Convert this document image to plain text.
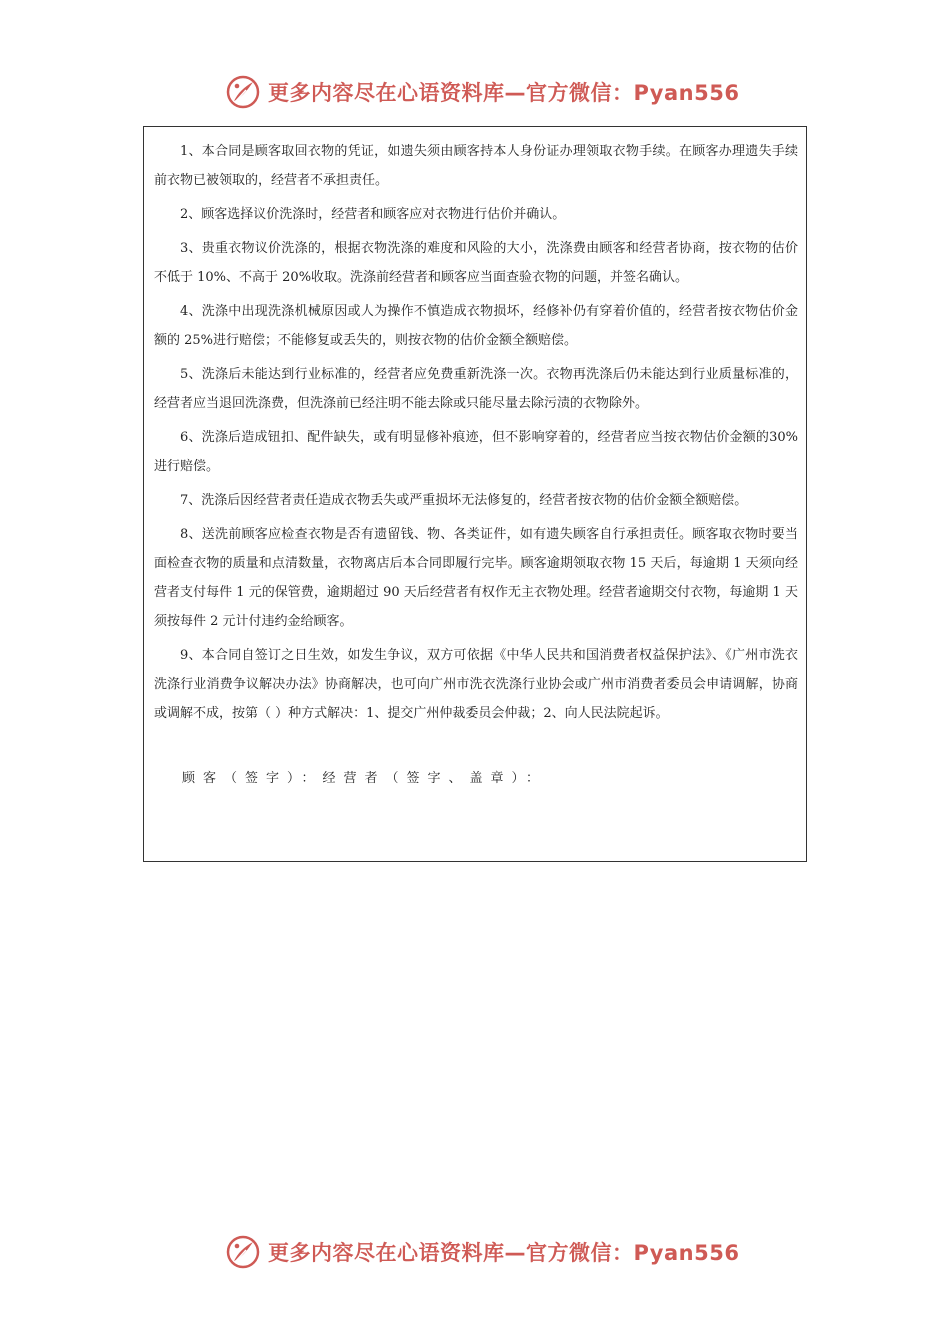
更多内容尽在心语资料库—官方微信：Pyan556

1、本合同是顾客取回衣物的凭证，如遗失须由顾客持本人身份证办理领取衣物手续。在顾客办理遗失手续前衣物已被领取的，经营者不承担责任。

2、顾客选择议价洗涤时，经营者和顾客应对衣物进行估价并确认。

3、贵重衣物议价洗涤的，根据衣物洗涤的难度和风险的大小，洗涤费由顾客和经营者协商，按衣物的估价不低于 10%、不高于 20%收取。洗涤前经营者和顾客应当面查验衣物的问题，并签名确认。

4、洗涤中出现洗涤机械原因或人为操作不慎造成衣物损坏，经修补仍有穿着价值的，经营者按衣物估价金额的 25%进行赔偿；不能修复或丢失的，则按衣物的估价金额全额赔偿。

5、洗涤后未能达到行业标准的，经营者应免费重新洗涤一次。衣物再洗涤后仍未能达到行业质量标准的，经营者应当退回洗涤费，但洗涤前已经注明不能去除或只能尽量去除污渍的衣物除外。

6、洗涤后造成钮扣、配件缺失，或有明显修补痕迹，但不影响穿着的，经营者应当按衣物估价金额的30%进行赔偿。

7、洗涤后因经营者责任造成衣物丢失或严重损坏无法修复的，经营者按衣物的估价金额全额赔偿。

8、送洗前顾客应检查衣物是否有遗留钱、物、各类证件，如有遗失顾客自行承担责任。顾客取衣物时要当面检查衣物的质量和点清数量，衣物离店后本合同即履行完毕。顾客逾期领取衣物 15 天后，每逾期 1 天须向经营者支付每件 1 元的保管费，逾期超过 90 天后经营者有权作无主衣物处理。经营者逾期交付衣物，每逾期 1 天须按每件 2 元计付违约金给顾客。

9、本合同自签订之日生效，如发生争议，双方可依据《中华人民共和国消费者权益保护法》、《广州市洗衣洗涤行业消费争议解决办法》协商解决，也可向广州市洗衣洗涤行业协会或广州市消费者委员会申请调解，协商或调解不成，按第（ ）种方式解决：1、提交广州仲裁委员会仲裁；2、向人民法院起诉。

顾客（签字）：经营者（签字、盖章）：
更多内容尽在心语资料库—官方微信：Pyan556
